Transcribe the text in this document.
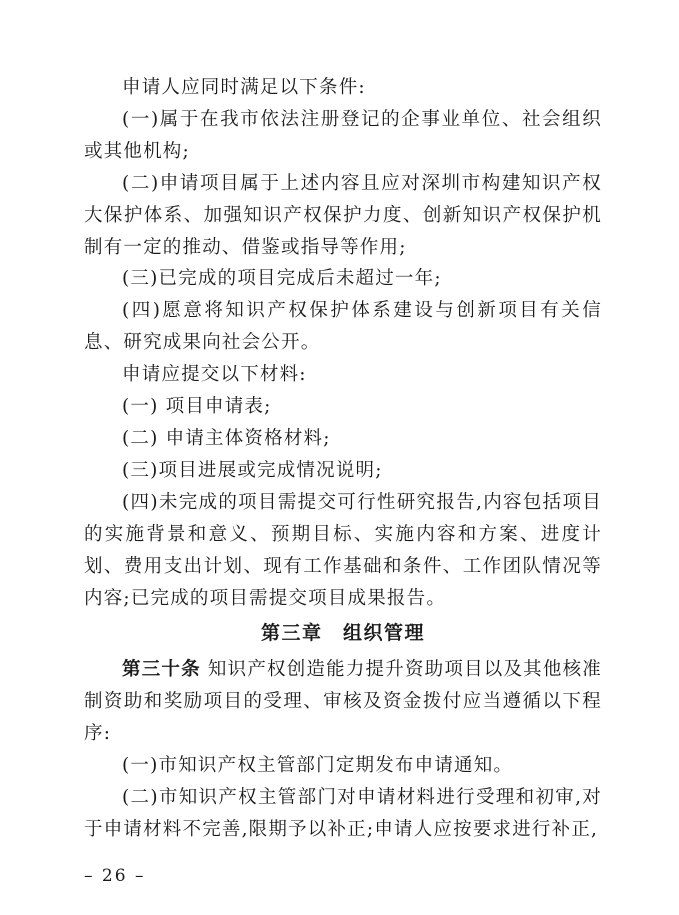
申请人应同时满足以下条件:

(一)属于在我市依法注册登记的企事业单位、社会组织或其他机构;

(二)申请项目属于上述内容且应对深圳市构建知识产权大保护体系、加强知识产权保护力度、创新知识产权保护机制有一定的推动、借鉴或指导等作用;

(三)已完成的项目完成后未超过一年;

(四)愿意将知识产权保护体系建设与创新项目有关信息、研究成果向社会公开。

申请应提交以下材料:

(一) 项目申请表;

(二) 申请主体资格材料;

(三)项目进展或完成情况说明;

(四)未完成的项目需提交可行性研究报告,内容包括项目的实施背景和意义、预期目标、实施内容和方案、进度计划、费用支出计划、现有工作基础和条件、工作团队情况等内容;已完成的项目需提交项目成果报告。

第三章　组织管理

第三十条 知识产权创造能力提升资助项目以及其他核准制资助和奖励项目的受理、审核及资金拨付应当遵循以下程序:

(一)市知识产权主管部门定期发布申请通知。

(二)市知识产权主管部门对申请材料进行受理和初审,对于申请材料不完善,限期予以补正;申请人应按要求进行补正,

– 26 –
